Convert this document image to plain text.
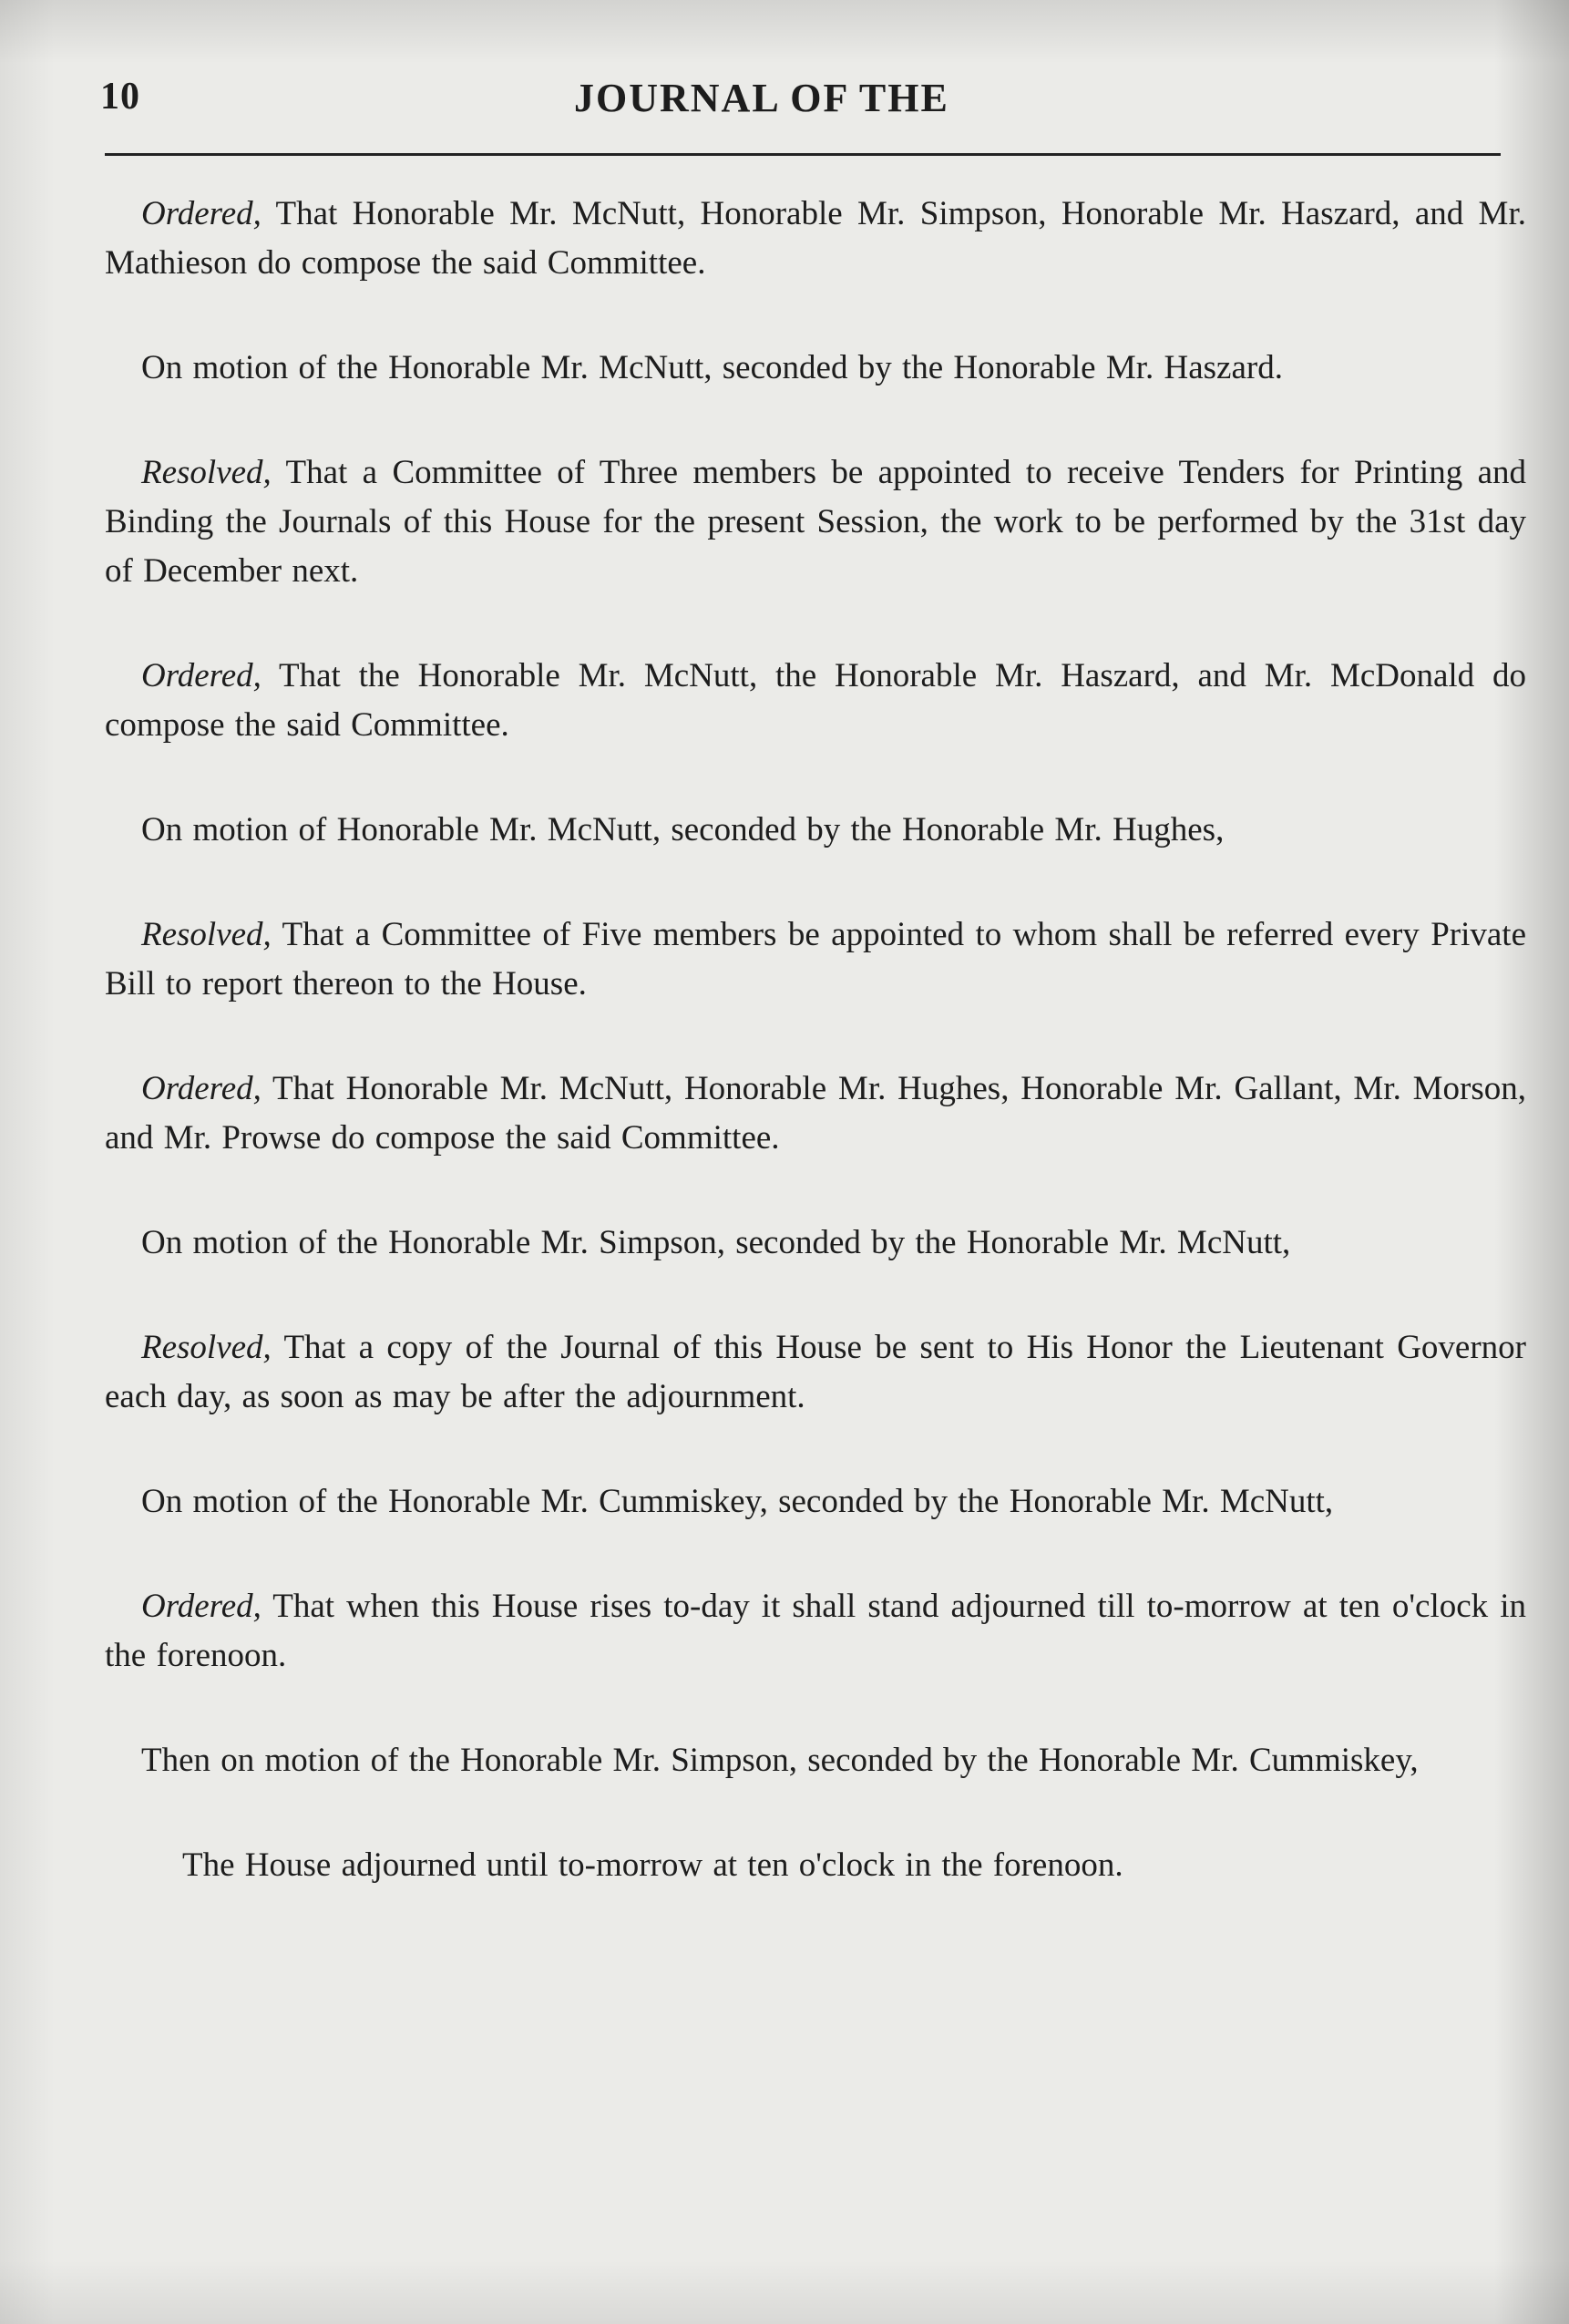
10	JOURNAL OF THE

Ordered, That Honorable Mr. McNutt, Honorable Mr. Simpson, Honorable Mr. Haszard, and Mr. Mathieson do compose the said Committee.

On motion of the Honorable Mr. McNutt, seconded by the Honorable Mr. Haszard.

Resolved, That a Committee of Three members be appointed to receive Tenders for Printing and Binding the Journals of this House for the present Session, the work to be performed by the 31st day of December next.

Ordered, That the Honorable Mr. McNutt, the Honorable Mr. Haszard, and Mr. McDonald do compose the said Committee.

On motion of Honorable Mr. McNutt, seconded by the Honorable Mr. Hughes,

Resolved, That a Committee of Five members be appointed to whom shall be referred every Private Bill to report thereon to the House.

Ordered, That Honorable Mr. McNutt, Honorable Mr. Hughes, Honorable Mr. Gallant, Mr. Morson, and Mr. Prowse do compose the said Committee.

On motion of the Honorable Mr. Simpson, seconded by the Honorable Mr. McNutt,

Resolved, That a copy of the Journal of this House be sent to His Honor the Lieutenant Governor each day, as soon as may be after the adjournment.

On motion of the Honorable Mr. Cummiskey, seconded by the Honorable Mr. McNutt,

Ordered, That when this House rises to-day it shall stand adjourned till to-morrow at ten o'clock in the forenoon.

Then on motion of the Honorable Mr. Simpson, seconded by the Honorable Mr. Cummiskey,

The House adjourned until to-morrow at ten o'clock in the forenoon.
